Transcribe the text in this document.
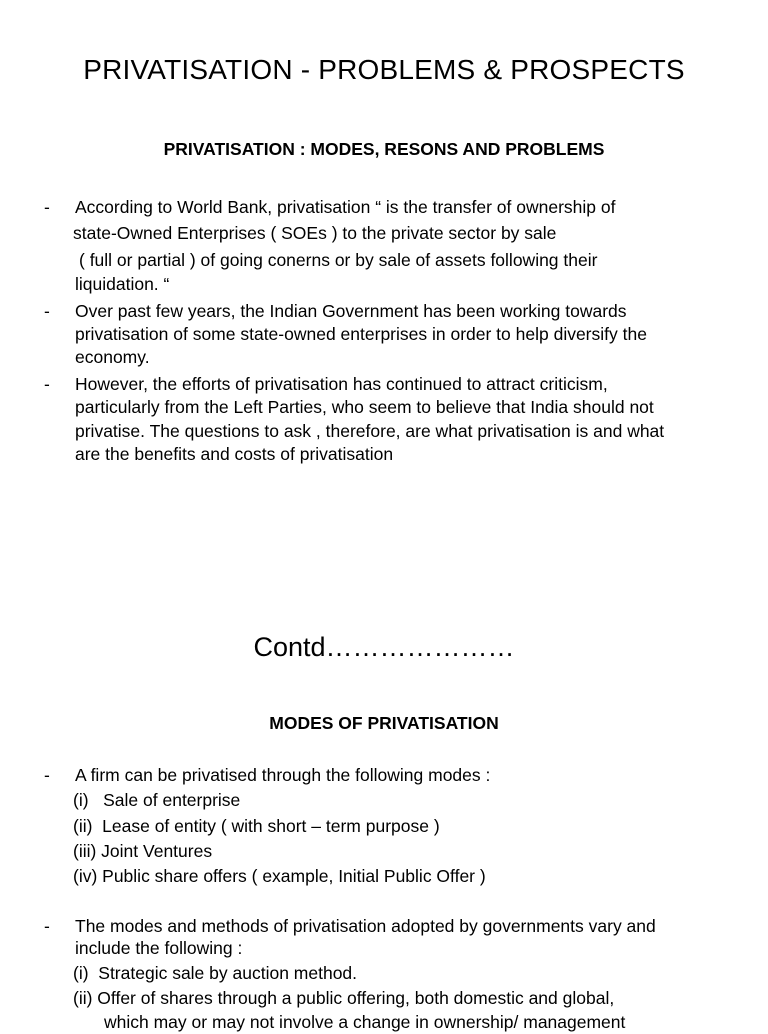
PRIVATISATION - PROBLEMS & PROSPECTS
PRIVATISATION : MODES, RESONS AND PROBLEMS
- According to World Bank, privatisation “ is the transfer of ownership of
state-Owned Enterprises ( SOEs ) to the private sector by sale
( full or partial ) of going conerns or by sale of assets following their
liquidation. “
- Over past few years, the Indian Government has been working towards
privatisation of some state-owned enterprises in order to help diversify the
economy.
- However, the efforts of privatisation has continued to attract criticism,
particularly from the Left Parties, who seem to believe that India should not
privatise. The questions to ask , therefore, are what privatisation is and what
are the benefits and costs of privatisation
Contd…………………
MODES OF PRIVATISATION
- A firm can be privatised through the following modes :
(i)   Sale of enterprise
(ii)  Lease of entity ( with short – term purpose )
(iii) Joint Ventures
(iv) Public share offers ( example, Initial Public Offer )
- The modes and methods of privatisation adopted by governments vary and
include the following :
(i)  Strategic sale by auction method.
(ii) Offer of shares through a public offering, both domestic and global,
which may or may not involve a change in ownership/ management
